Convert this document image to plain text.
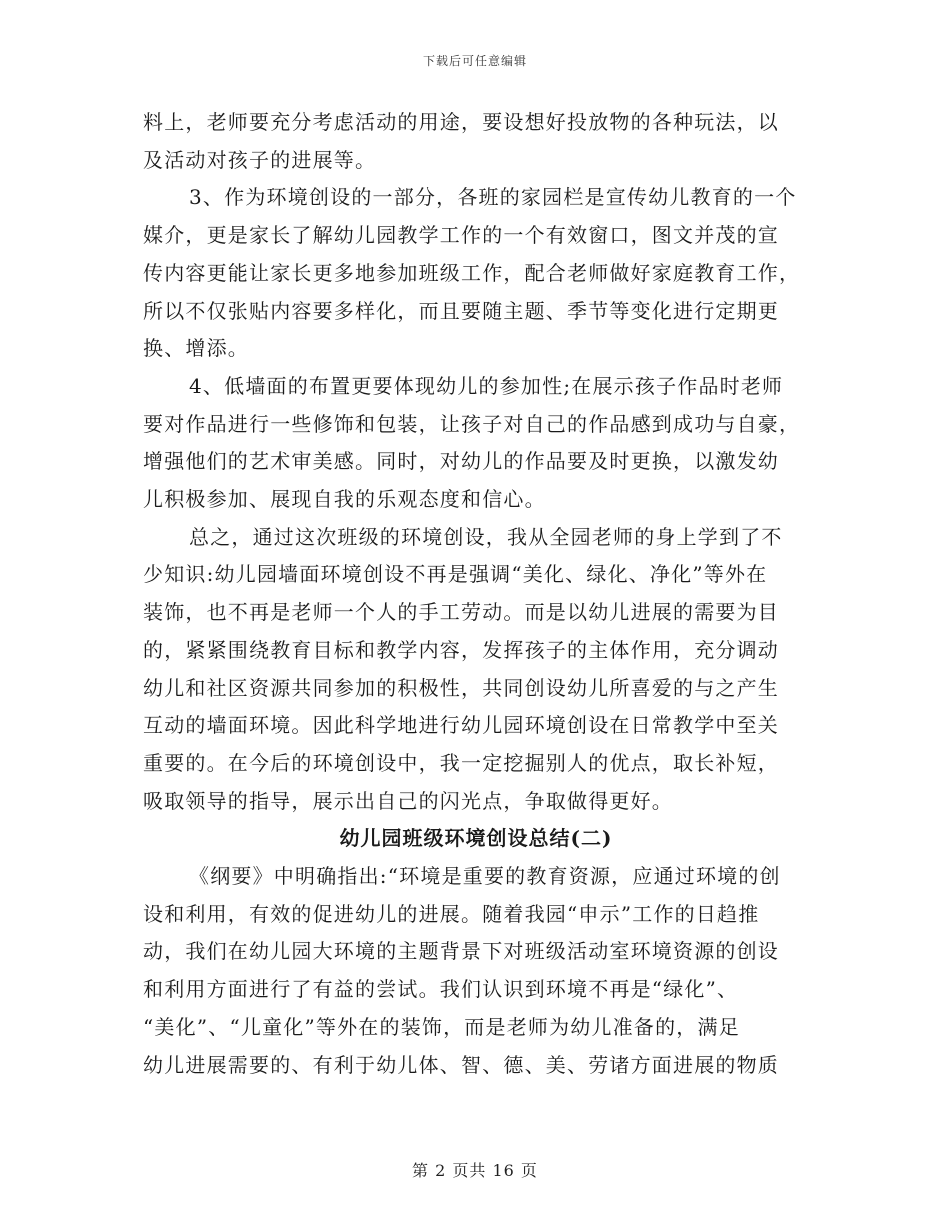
下载后可任意编辑
料上，老师要充分考虑活动的用途，要设想好投放物的各种玩法，以
及活动对孩子的进展等。
3、作为环境创设的一部分，各班的家园栏是宣传幼儿教育的一个
媒介，更是家长了解幼儿园教学工作的一个有效窗口，图文并茂的宣
传内容更能让家长更多地参加班级工作，配合老师做好家庭教育工作，
所以不仅张贴内容要多样化，而且要随主题、季节等变化进行定期更
换、增添。
4、低墙面的布置更要体现幼儿的参加性;在展示孩子作品时老师
要对作品进行一些修饰和包装，让孩子对自己的作品感到成功与自豪，
增强他们的艺术审美感。同时，对幼儿的作品要及时更换，以激发幼
儿积极参加、展现自我的乐观态度和信心。
总之，通过这次班级的环境创设，我从全园老师的身上学到了不
少知识:幼儿园墙面环境创设不再是强调“美化、绿化、净化”等外在
装饰，也不再是老师一个人的手工劳动。而是以幼儿进展的需要为目
的，紧紧围绕教育目标和教学内容，发挥孩子的主体作用，充分调动
幼儿和社区资源共同参加的积极性，共同创设幼儿所喜爱的与之产生
互动的墙面环境。因此科学地进行幼儿园环境创设在日常教学中至关
重要的。在今后的环境创设中，我一定挖掘别人的优点，取长补短，
吸取领导的指导，展示出自己的闪光点，争取做得更好。
幼儿园班级环境创设总结(二)
《纲要》中明确指出:“环境是重要的教育资源，应通过环境的创
设和利用，有效的促进幼儿的进展。随着我园“申示”工作的日趋推
动，我们在幼儿园大环境的主题背景下对班级活动室环境资源的创设
和利用方面进行了有益的尝试。我们认识到环境不再是“绿化”、
“美化”、“儿童化”等外在的装饰，而是老师为幼儿准备的，满足
幼儿进展需要的、有利于幼儿体、智、德、美、劳诸方面进展的物质
第 2 页共 16 页
